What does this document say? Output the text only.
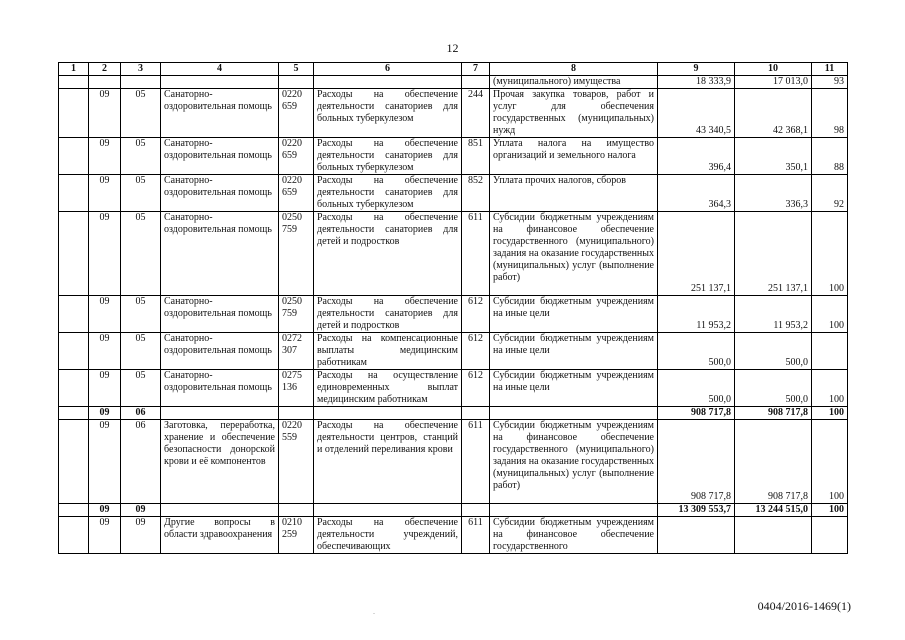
12
1	2	3	4	5	6	7	8	9	10	11
							(муниципального) имущества	18 333,9	17 013,0	93
	09	05	Санаторно-оздоровительная помощь	0220 659	Расходы на обеспечение деятельности санаториев для больных туберкулезом	244	Прочая закупка товаров, работ и услуг для обеспечения государственных (муниципальных) нужд	43 340,5	42 368,1	98
	09	05	Санаторно-оздоровительная помощь	0220 659	Расходы на обеспечение деятельности санаториев для больных туберкулезом	851	Уплата налога на имущество организаций и земельного налога	396,4	350,1	88
	09	05	Санаторно-оздоровительная помощь	0220 659	Расходы на обеспечение деятельности санаториев для больных туберкулезом	852	Уплата прочих налогов, сборов	364,3	336,3	92
	09	05	Санаторно-оздоровительная помощь	0250 759	Расходы на обеспечение деятельности санаториев для детей и подростков	611	Субсидии бюджетным учреждениям на финансовое обеспечение государственного (муниципального) задания на оказание государственных (муниципальных) услуг (выполнение работ)	251 137,1	251 137,1	100
	09	05	Санаторно-оздоровительная помощь	0250 759	Расходы на обеспечение деятельности санаториев для детей и подростков	612	Субсидии бюджетным учреждениям на иные цели	11 953,2	11 953,2	100
	09	05	Санаторно-оздоровительная помощь	0272 307	Расходы на компенсационные выплаты медицинским работникам	612	Субсидии бюджетным учреждениям на иные цели	500,0	500,0	
	09	05	Санаторно-оздоровительная помощь	0275 136	Расходы на осуществление единовременных выплат медицинским работникам	612	Субсидии бюджетным учреждениям на иные цели	500,0	500,0	100
	09	06						908 717,8	908 717,8	100
	09	06	Заготовка, переработка, хранение и обеспечение безопасности донорской крови и её компонентов	0220 559	Расходы на обеспечение деятельности центров, станций и отделений переливания крови	611	Субсидии бюджетным учреждениям на финансовое обеспечение государственного (муниципального) задания на оказание государственных (муниципальных) услуг (выполнение работ)	908 717,8	908 717,8	100
	09	09						13 309 553,7	13 244 515,0	100
	09	09	Другие вопросы в области здравоохранения	0210 259	Расходы на обеспечение деятельности учреждений, обеспечивающих	611	Субсидии бюджетным учреждениям на финансовое обеспечение государственного			
0404/2016-1469(1)
.
